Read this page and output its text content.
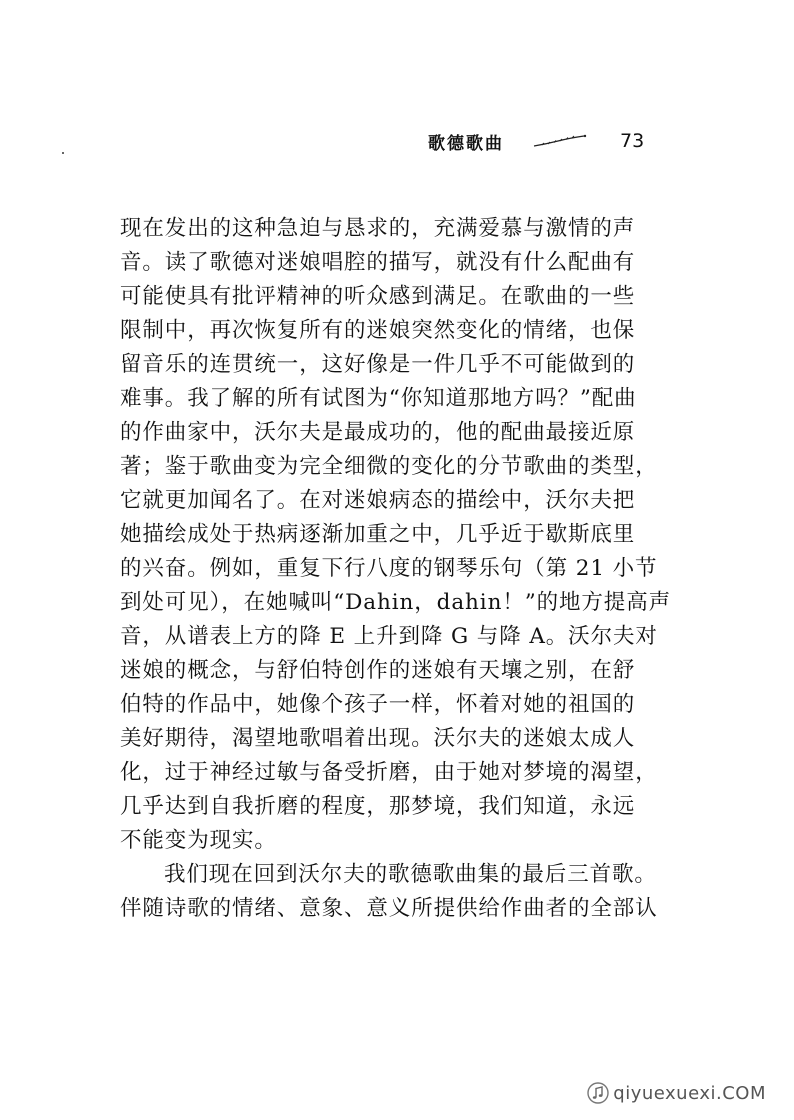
歌德歌曲	73
现在发出的这种急迫与恳求的，充满爱慕与激情的声
音。读了歌德对迷娘唱腔的描写，就没有什么配曲有
可能使具有批评精神的听众感到满足。在歌曲的一些
限制中，再次恢复所有的迷娘突然变化的情绪，也保
留音乐的连贯统一，这好像是一件几乎不可能做到的
难事。我了解的所有试图为“你知道那地方吗？”配曲
的作曲家中，沃尔夫是最成功的，他的配曲最接近原
著；鉴于歌曲变为完全细微的变化的分节歌曲的类型，
它就更加闻名了。在对迷娘病态的描绘中，沃尔夫把
她描绘成处于热病逐渐加重之中，几乎近于歇斯底里
的兴奋。例如，重复下行八度的钢琴乐句（第 21 小节
到处可见），在她喊叫“Dahin，dahin！”的地方提高声
音，从谱表上方的降 E 上升到降 G 与降 A。沃尔夫对
迷娘的概念，与舒伯特创作的迷娘有天壤之别，在舒
伯特的作品中，她像个孩子一样，怀着对她的祖国的
美好期待，渴望地歌唱着出现。沃尔夫的迷娘太成人
化，过于神经过敏与备受折磨，由于她对梦境的渴望，
几乎达到自我折磨的程度，那梦境，我们知道，永远
不能变为现实。
我们现在回到沃尔夫的歌德歌曲集的最后三首歌。
伴随诗歌的情绪、意象、意义所提供给作曲者的全部认
qiyuexuexi.COM
